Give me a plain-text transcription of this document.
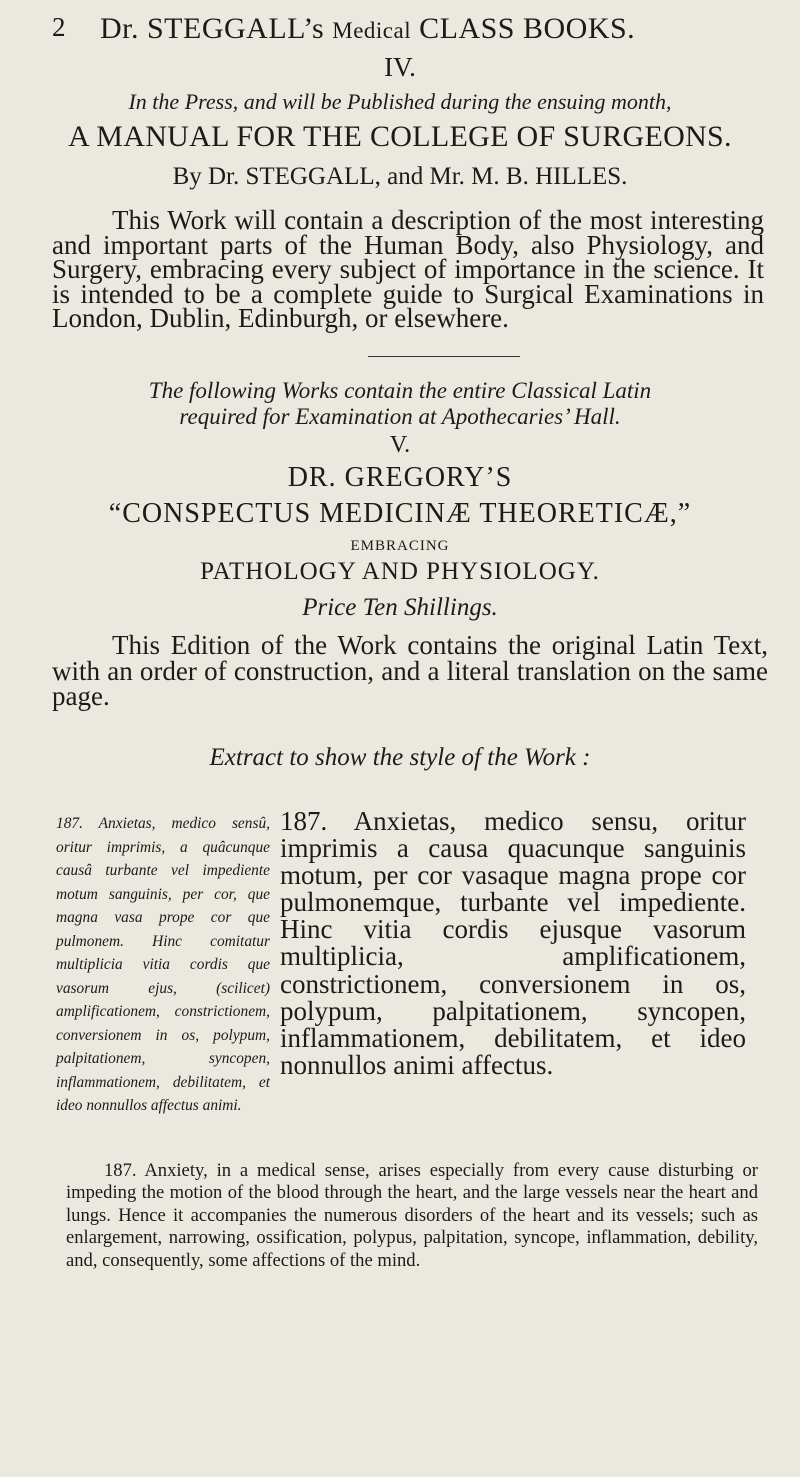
2 Dr. STEGGALL’s Medical CLASS BOOKS.
IV.
In the Press, and will be Published during the ensuing month,
A MANUAL FOR THE COLLEGE OF SURGEONS.
By Dr. STEGGALL, and Mr. M. B. HILLES.
This Work will contain a description of the most interesting and important parts of the Human Body, also Physiology, and Surgery, embracing every subject of importance in the science. It is intended to be a complete guide to Surgical Examinations in London, Dublin, Edinburgh, or elsewhere.
The following Works contain the entire Classical Latin
required for Examination at Apothecaries’ Hall.
V.
DR. GREGORY’S
“CONSPECTUS MEDICINÆ THEORETICÆ,”
EMBRACING
PATHOLOGY AND PHYSIOLOGY.
Price Ten Shillings.
This Edition of the Work contains the original Latin Text, with an order of construction, and a literal translation on the same page.
Extract to show the style of the Work :
187. Anxietas, medico sensû, oritur imprimis, a quâcunque causâ turbante vel impediente motum sanguinis, per cor, que magna vasa prope cor que pulmonem. Hinc comitatur multiplicia vitia cordis que vasorum ejus, (scilicet) amplificationem, constrictionem, conversionem in os, polypum, palpitationem, syncopen, inflammationem, debilitatem, et ideo nonnullos affectus animi.
187. Anxietas, medico sensu, oritur imprimis a causa quacunque sanguinis motum, per cor vasaque magna prope cor pulmonemque, turbante vel impediente. Hinc vitia cordis ejusque vasorum multiplicia, amplificationem, constrictionem, conversionem in os, polypum, palpitationem, syncopen, inflammationem, debilitatem, et ideo nonnullos animi affectus.
187. Anxiety, in a medical sense, arises especially from every cause disturbing or impeding the motion of the blood through the heart, and the large vessels near the heart and lungs. Hence it accompanies the numerous disorders of the heart and its vessels; such as enlargement, narrowing, ossification, polypus, palpitation, syncope, inflammation, debility, and, consequently, some affections of the mind.
